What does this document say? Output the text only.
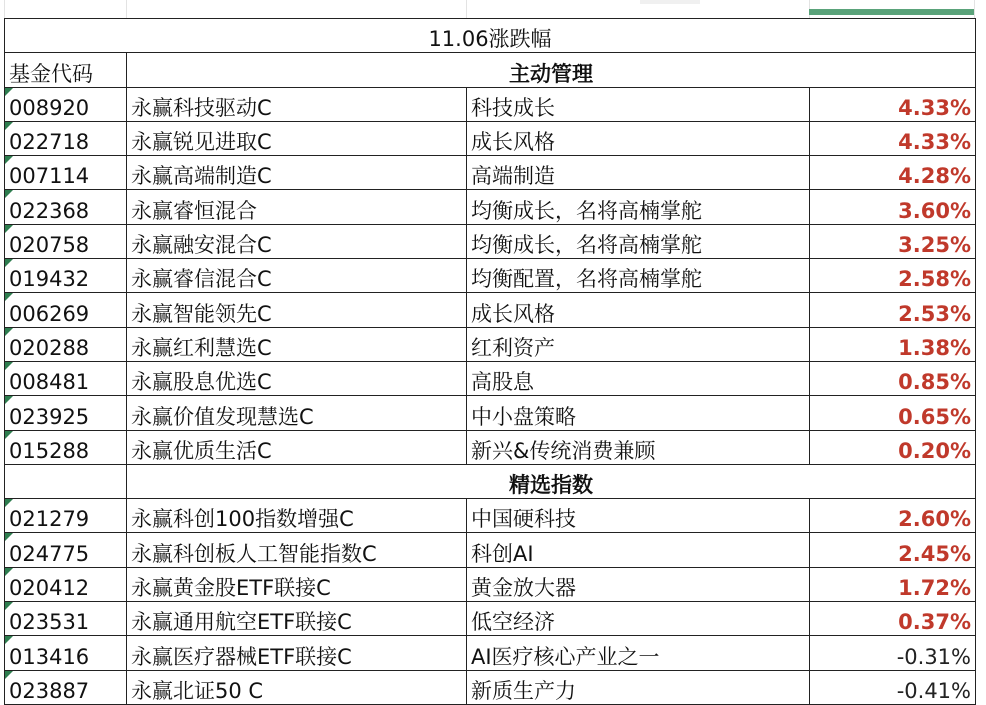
11.06涨跌幅			
基金代码	主动管理		
008920	永赢科技驱动C	科技成长	4.33%
022718	永赢锐见进取C	成长风格	4.33%
007114	永赢高端制造C	高端制造	4.28%
022368	永赢睿恒混合	均衡成长，名将高楠掌舵	3.60%
020758	永赢融安混合C	均衡成长，名将高楠掌舵	3.25%
019432	永赢睿信混合C	均衡配置，名将高楠掌舵	2.58%
006269	永赢智能领先C	成长风格	2.53%
020288	永赢红利慧选C	红利资产	1.38%
008481	永赢股息优选C	高股息	0.85%
023925	永赢价值发现慧选C	中小盘策略	0.65%
015288	永赢优质生活C	新兴&传统消费兼顾	0.20%
	精选指数		
021279	永赢科创100指数增强C	中国硬科技	2.60%
024775	永赢科创板人工智能指数C	科创AI	2.45%
020412	永赢黄金股ETF联接C	黄金放大器	1.72%
023531	永赢通用航空ETF联接C	低空经济	0.37%
013416	永赢医疗器械ETF联接C	AI医疗核心产业之一	-0.31%
023887	永赢北证50 C	新质生产力	-0.41%
